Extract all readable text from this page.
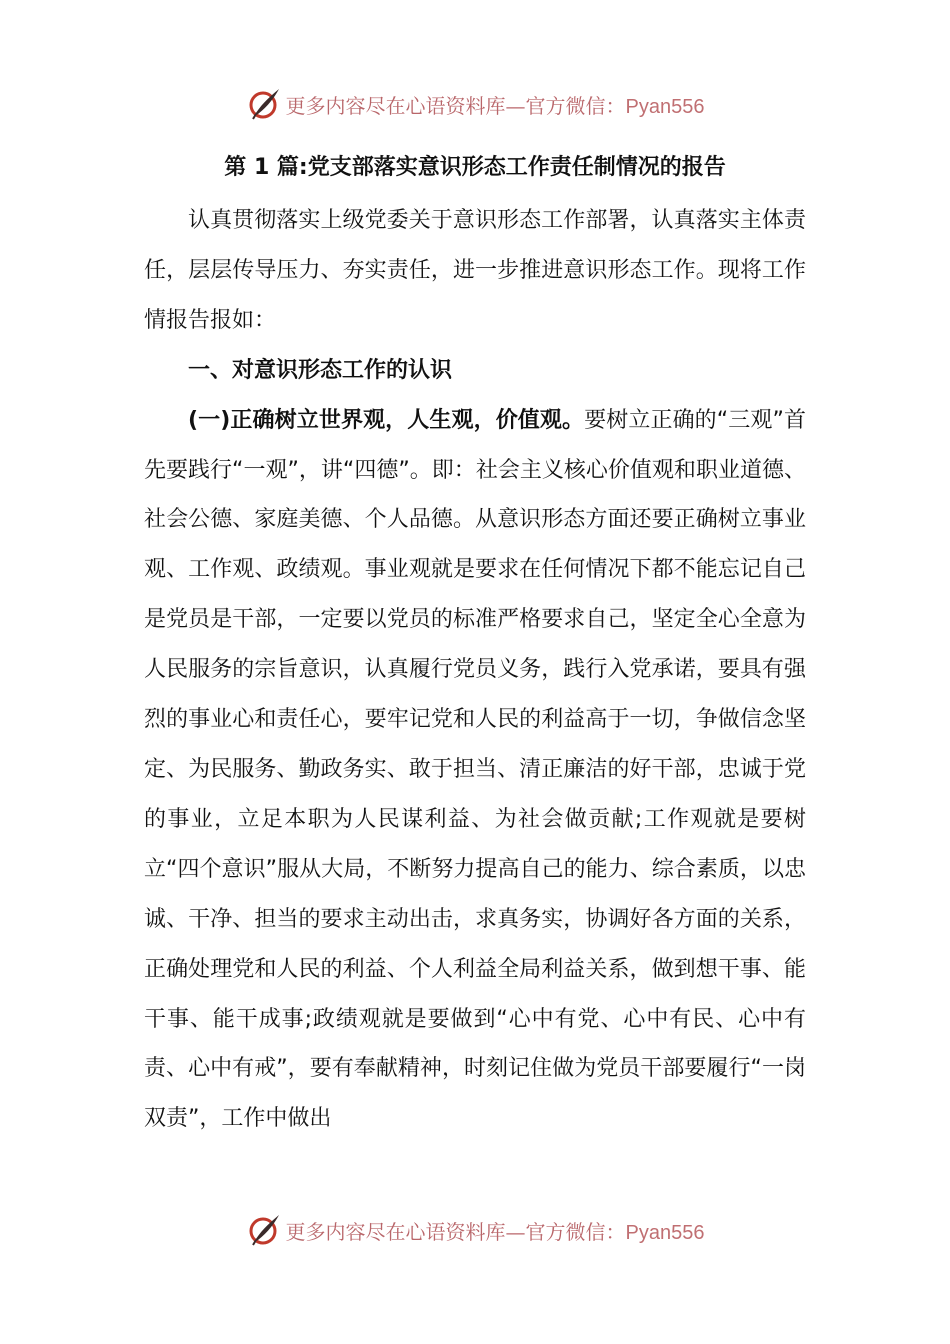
更多内容尽在心语资料库—官方微信：Pyan556
第 1 篇:党支部落实意识形态工作责任制情况的报告

认真贯彻落实上级党委关于意识形态工作部署，认真落实主体责任，层层传导压力、夯实责任，进一步推进意识形态工作。现将工作情报告报如：

一、对意识形态工作的认识

(一)正确树立世界观，人生观，价值观。要树立正确的“三观”首先要践行“一观”，讲“四德”。即：社会主义核心价值观和职业道德、社会公德、家庭美德、个人品德。从意识形态方面还要正确树立事业观、工作观、政绩观。事业观就是要求在任何情况下都不能忘记自己是党员是干部，一定要以党员的标准严格要求自己，坚定全心全意为人民服务的宗旨意识，认真履行党员义务，践行入党承诺，要具有强烈的事业心和责任心，要牢记党和人民的利益高于一切，争做信念坚定、为民服务、勤政务实、敢于担当、清正廉洁的好干部，忠诚于党的事业，立足本职为人民谋利益、为社会做贡献;工作观就是要树立“四个意识”服从大局，不断努力提高自己的能力、综合素质，以忠诚、干净、担当的要求主动出击，求真务实，协调好各方面的关系，正确处理党和人民的利益、个人利益全局利益关系，做到想干事、能干事、能干成事;政绩观就是要做到“心中有党、心中有民、心中有责、心中有戒”，要有奉献精神，时刻记住做为党员干部要履行“一岗双责”，工作中做出

更多内容尽在心语资料库—官方微信：Pyan556
